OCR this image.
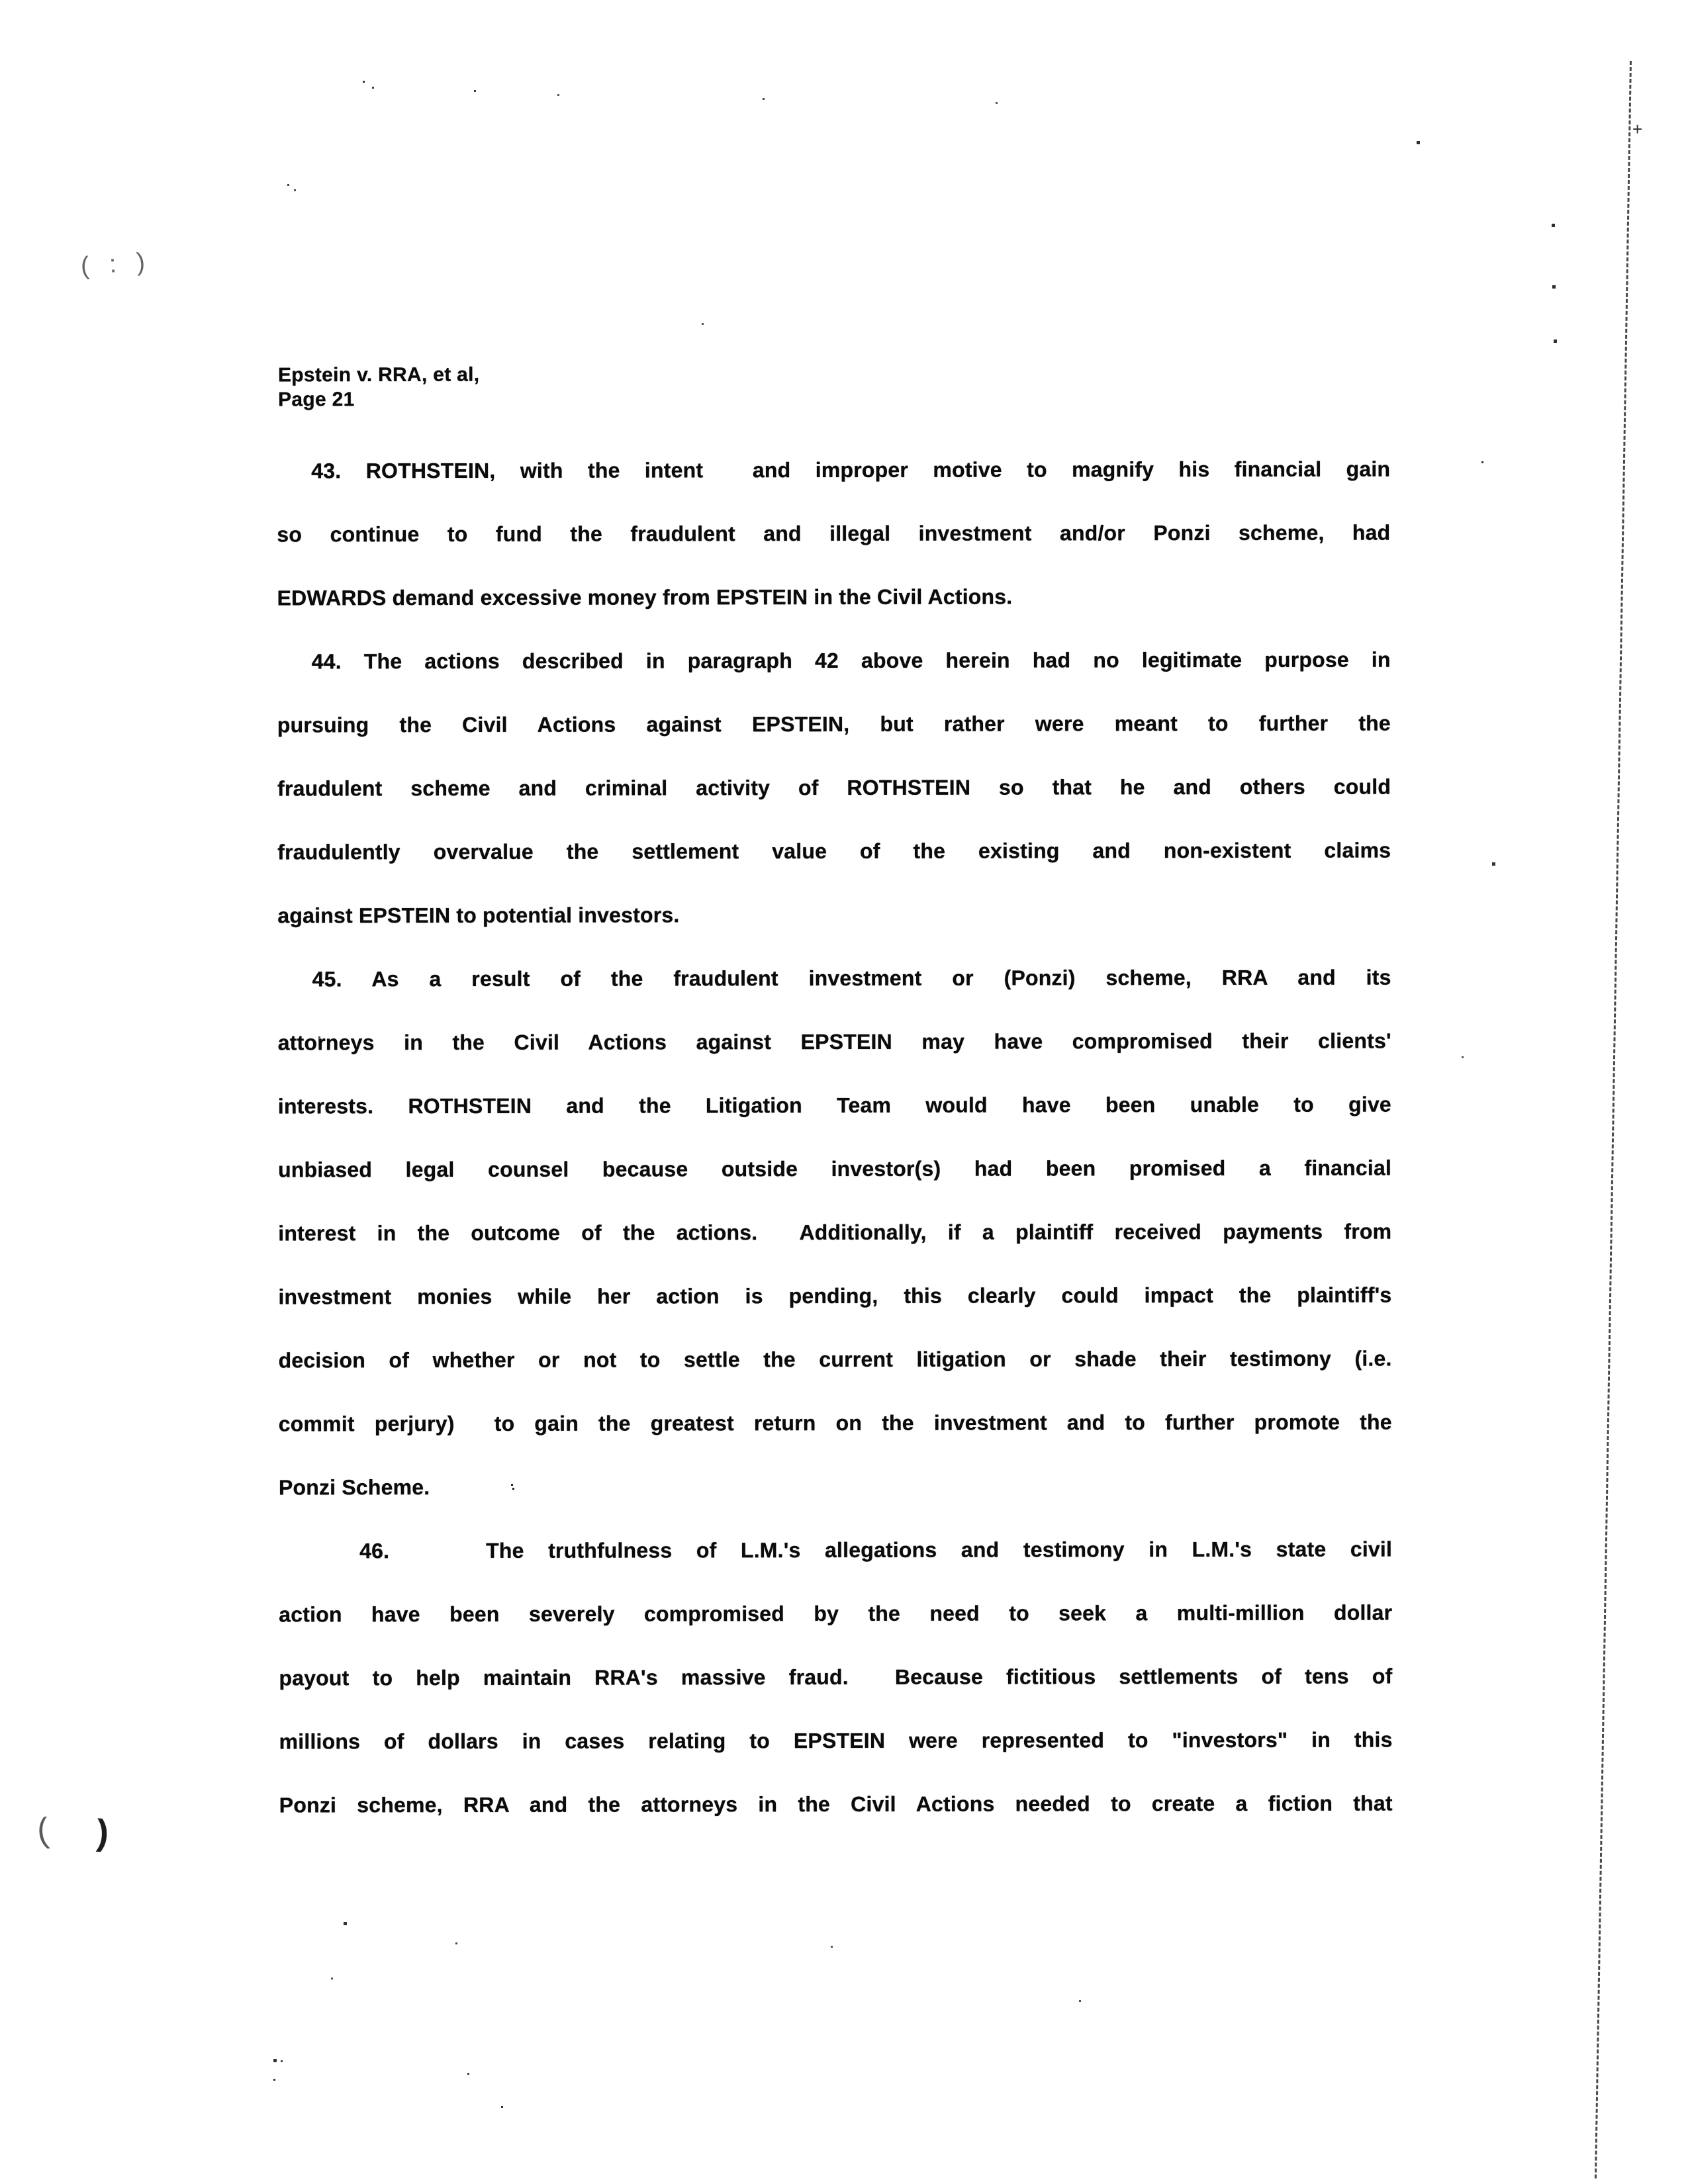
( : )
+
( )
Epstein v. RRA, et al,
Page 21
43. ROTHSTEIN, with the intent  and improper motive to magnify his financial gain
so continue to fund the fraudulent and illegal investment and/or Ponzi scheme, had
EDWARDS demand excessive money from EPSTEIN in the Civil Actions.
44. The actions described in paragraph 42 above herein had no legitimate purpose in
pursuing the Civil Actions against EPSTEIN, but rather were meant to further the
fraudulent scheme and criminal activity of ROTHSTEIN so that he and others could
fraudulently overvalue the settlement value of the existing and non-existent claims
against EPSTEIN to potential investors.
45. As a result of the fraudulent investment or (Ponzi) scheme, RRA and its
attorneys in the Civil Actions against EPSTEIN may have compromised their clients'
interests. ROTHSTEIN and the Litigation Team would have been unable to give
unbiased legal counsel because outside investor(s) had been promised a financial
interest in the outcome of the actions.  Additionally, if a plaintiff received payments from
investment monies while her action is pending, this clearly could impact the plaintiff's
decision of whether or not to settle the current litigation or shade their testimony (i.e.
commit perjury)  to gain the greatest return on the investment and to further promote the
Ponzi Scheme.
46.    The truthfulness of L.M.'s allegations and testimony in L.M.'s state civil
action have been severely compromised by the need to seek a multi-million dollar
payout to help maintain RRA's massive fraud.  Because fictitious settlements of tens of
millions of dollars in cases relating to EPSTEIN were represented to "investors" in this
Ponzi scheme, RRA and the attorneys in the Civil Actions needed to create a fiction that
